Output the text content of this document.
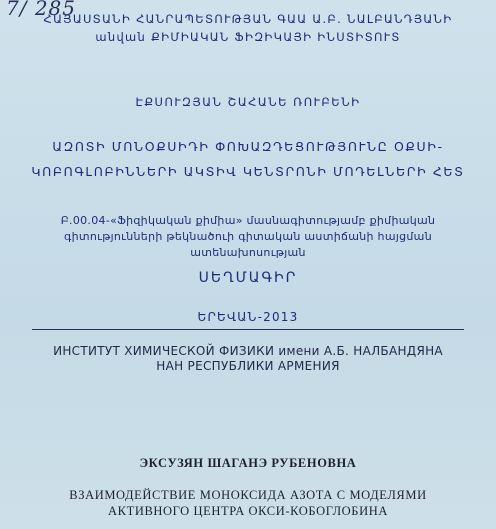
7/ 285
ՀԱՅԱՍՏԱՆԻ ՀԱՆՐԱՊԵՏՈՒԹՅԱՆ ԳԱԱ Ա.Բ. ՆԱԼԲԱՆԴՅԱՆԻ
անվան ՔԻՄԻԱԿԱՆ ՖԻԶԻԿԱՅԻ ԻՆՍՏԻՏՈՒՏ
ԷՔՍՈՒԶՅԱՆ ՇԱՀԱՆԵ ՌՈՒԲԵՆԻ
ԱԶՈՏԻ ՄՈՆՕՔՍԻԴԻ ՓՈԽԱԶԴԵՑՈՒԹՅՈՒՆԸ ՕՔՍԻ-
ԿՈԲՈԳԼՈԲԻՆՆԵՐԻ ԱԿՏԻՎ ԿԵՆՏՐՈՆԻ ՄՈԴԵԼՆԵՐԻ ՀԵՏ
Բ.00.04-«Ֆիզիկական քիմիա» մասնագիտությամբ քիմիական
գիտությունների թեկնածուի գիտական աստիճանի հայցման
ատենախոսության
ՍԵՂՄԱԳԻՐ
ԵՐԵՎԱՆ-2013
ИНСТИТУТ ХИМИЧЕСКОЙ ФИЗИКИ имени А.Б. НАЛБАНДЯНА
НАН РЕСПУБЛИКИ АРМЕНИЯ
ЭКСУЗЯН ШАГАНЭ РУБЕНОВНА
ВЗАИМОДЕЙСТВИЕ МОНОКСИДА АЗОТА С МОДЕЛЯМИ
АКТИВНОГО ЦЕНТРА ОКСИ-КОБОГЛОБИНА
